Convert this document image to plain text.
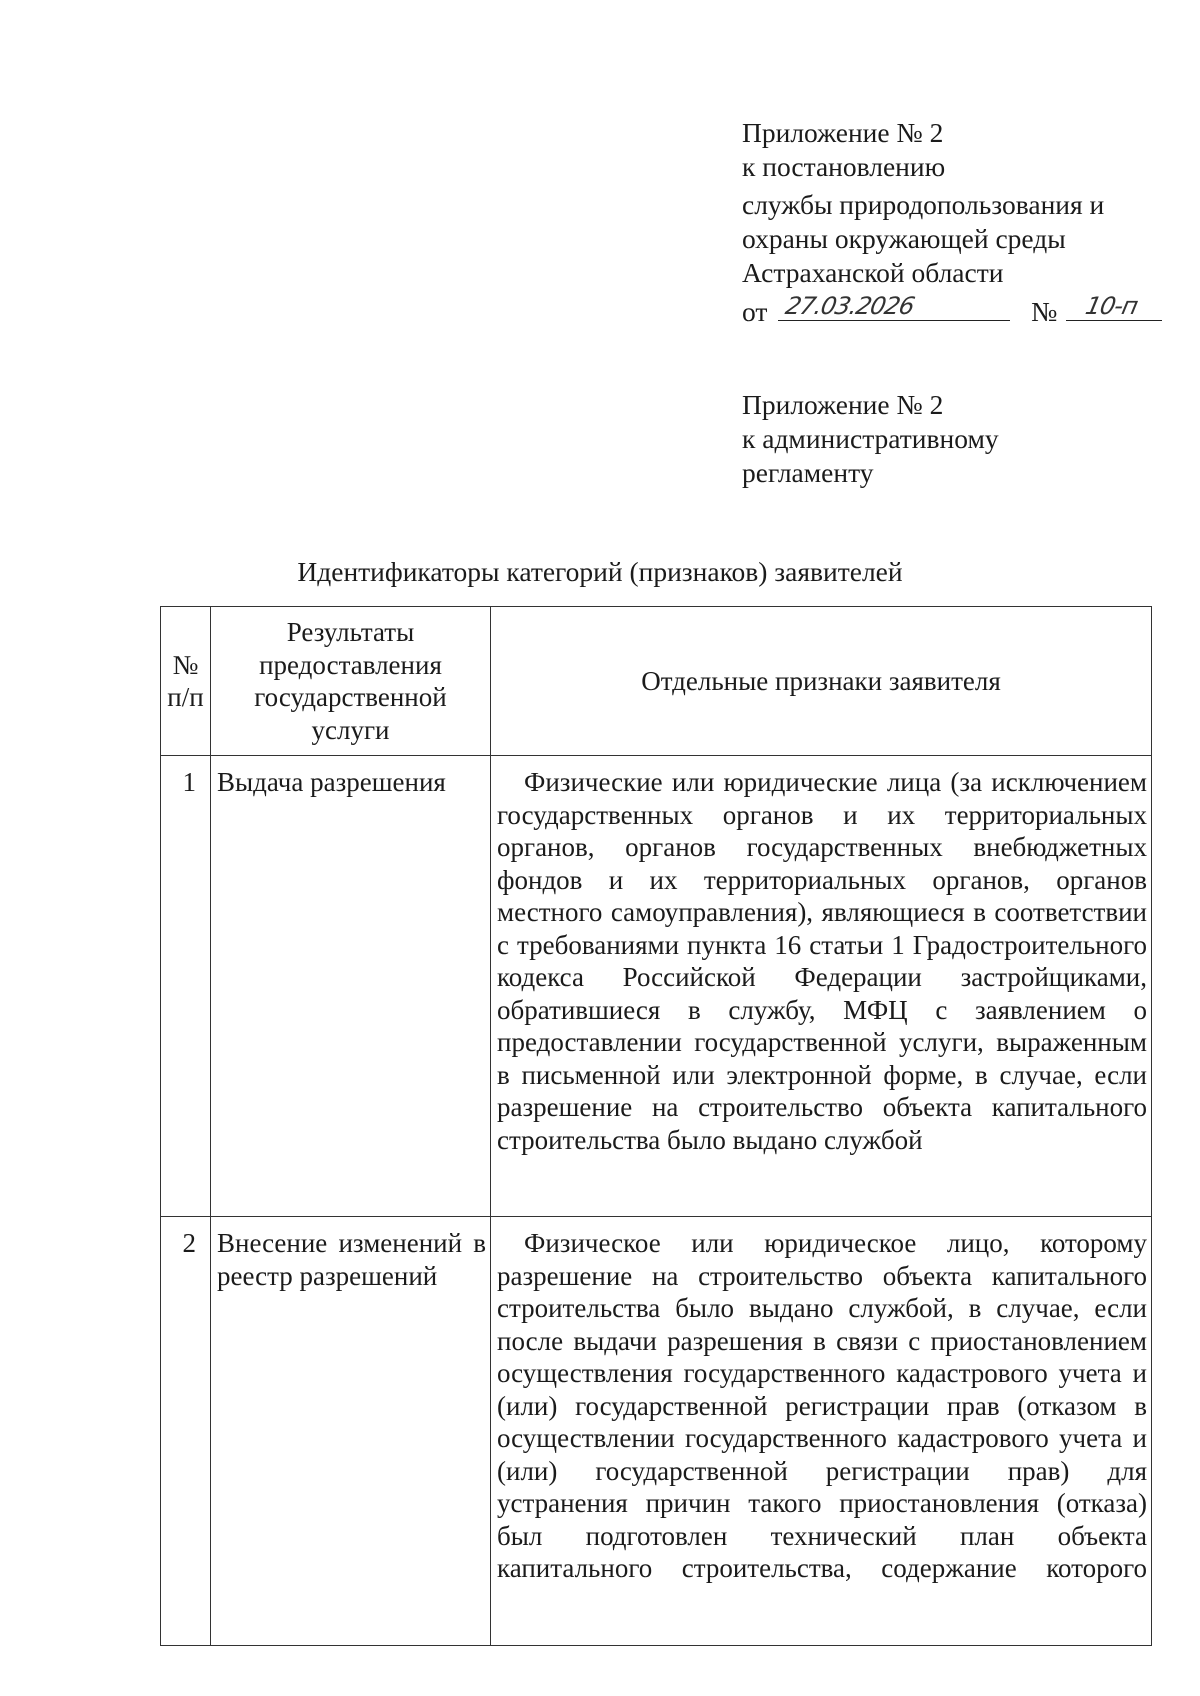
Приложение № 2
к постановлению
службы природопользования и
охраны окружающей среды
Астраханской области
от 27.03.2026	№ 10-п
Приложение № 2
к административному
регламенту
Идентификаторы категорий (признаков) заявителей
№ п/п	Результаты предоставления государственной услуги	Отдельные признаки заявителя
1	Выдача разрешения	Физические или юридические лица (за исключением государственных органов и их территориальных органов, органов государственных внебюджетных фондов и их территориальных органов, органов местного самоуправления), являющиеся в соответствии с требованиями пункта 16 статьи 1 Градостроительного кодекса Российской Федерации застройщиками, обратившиеся в службу, МФЦ с заявлением о предоставлении государственной услуги, выраженным в письменной или электронной форме, в случае, если разрешение на строительство объекта капитального строительства было выдано службой
2	Внесение изменений в реестр разрешений	Физическое или юридическое лицо, которому разрешение на строительство объекта капитального строительства было выдано службой, в случае, если после выдачи разрешения в связи с приостановлением осуществления государственного кадастрового учета и (или) государственной регистрации прав (отказом в осуществлении государственного кадастрового учета и (или) государственной регистрации прав) для устранения причин такого приостановления (отказа) был подготовлен технический план объекта капитального строительства, содержание которого
